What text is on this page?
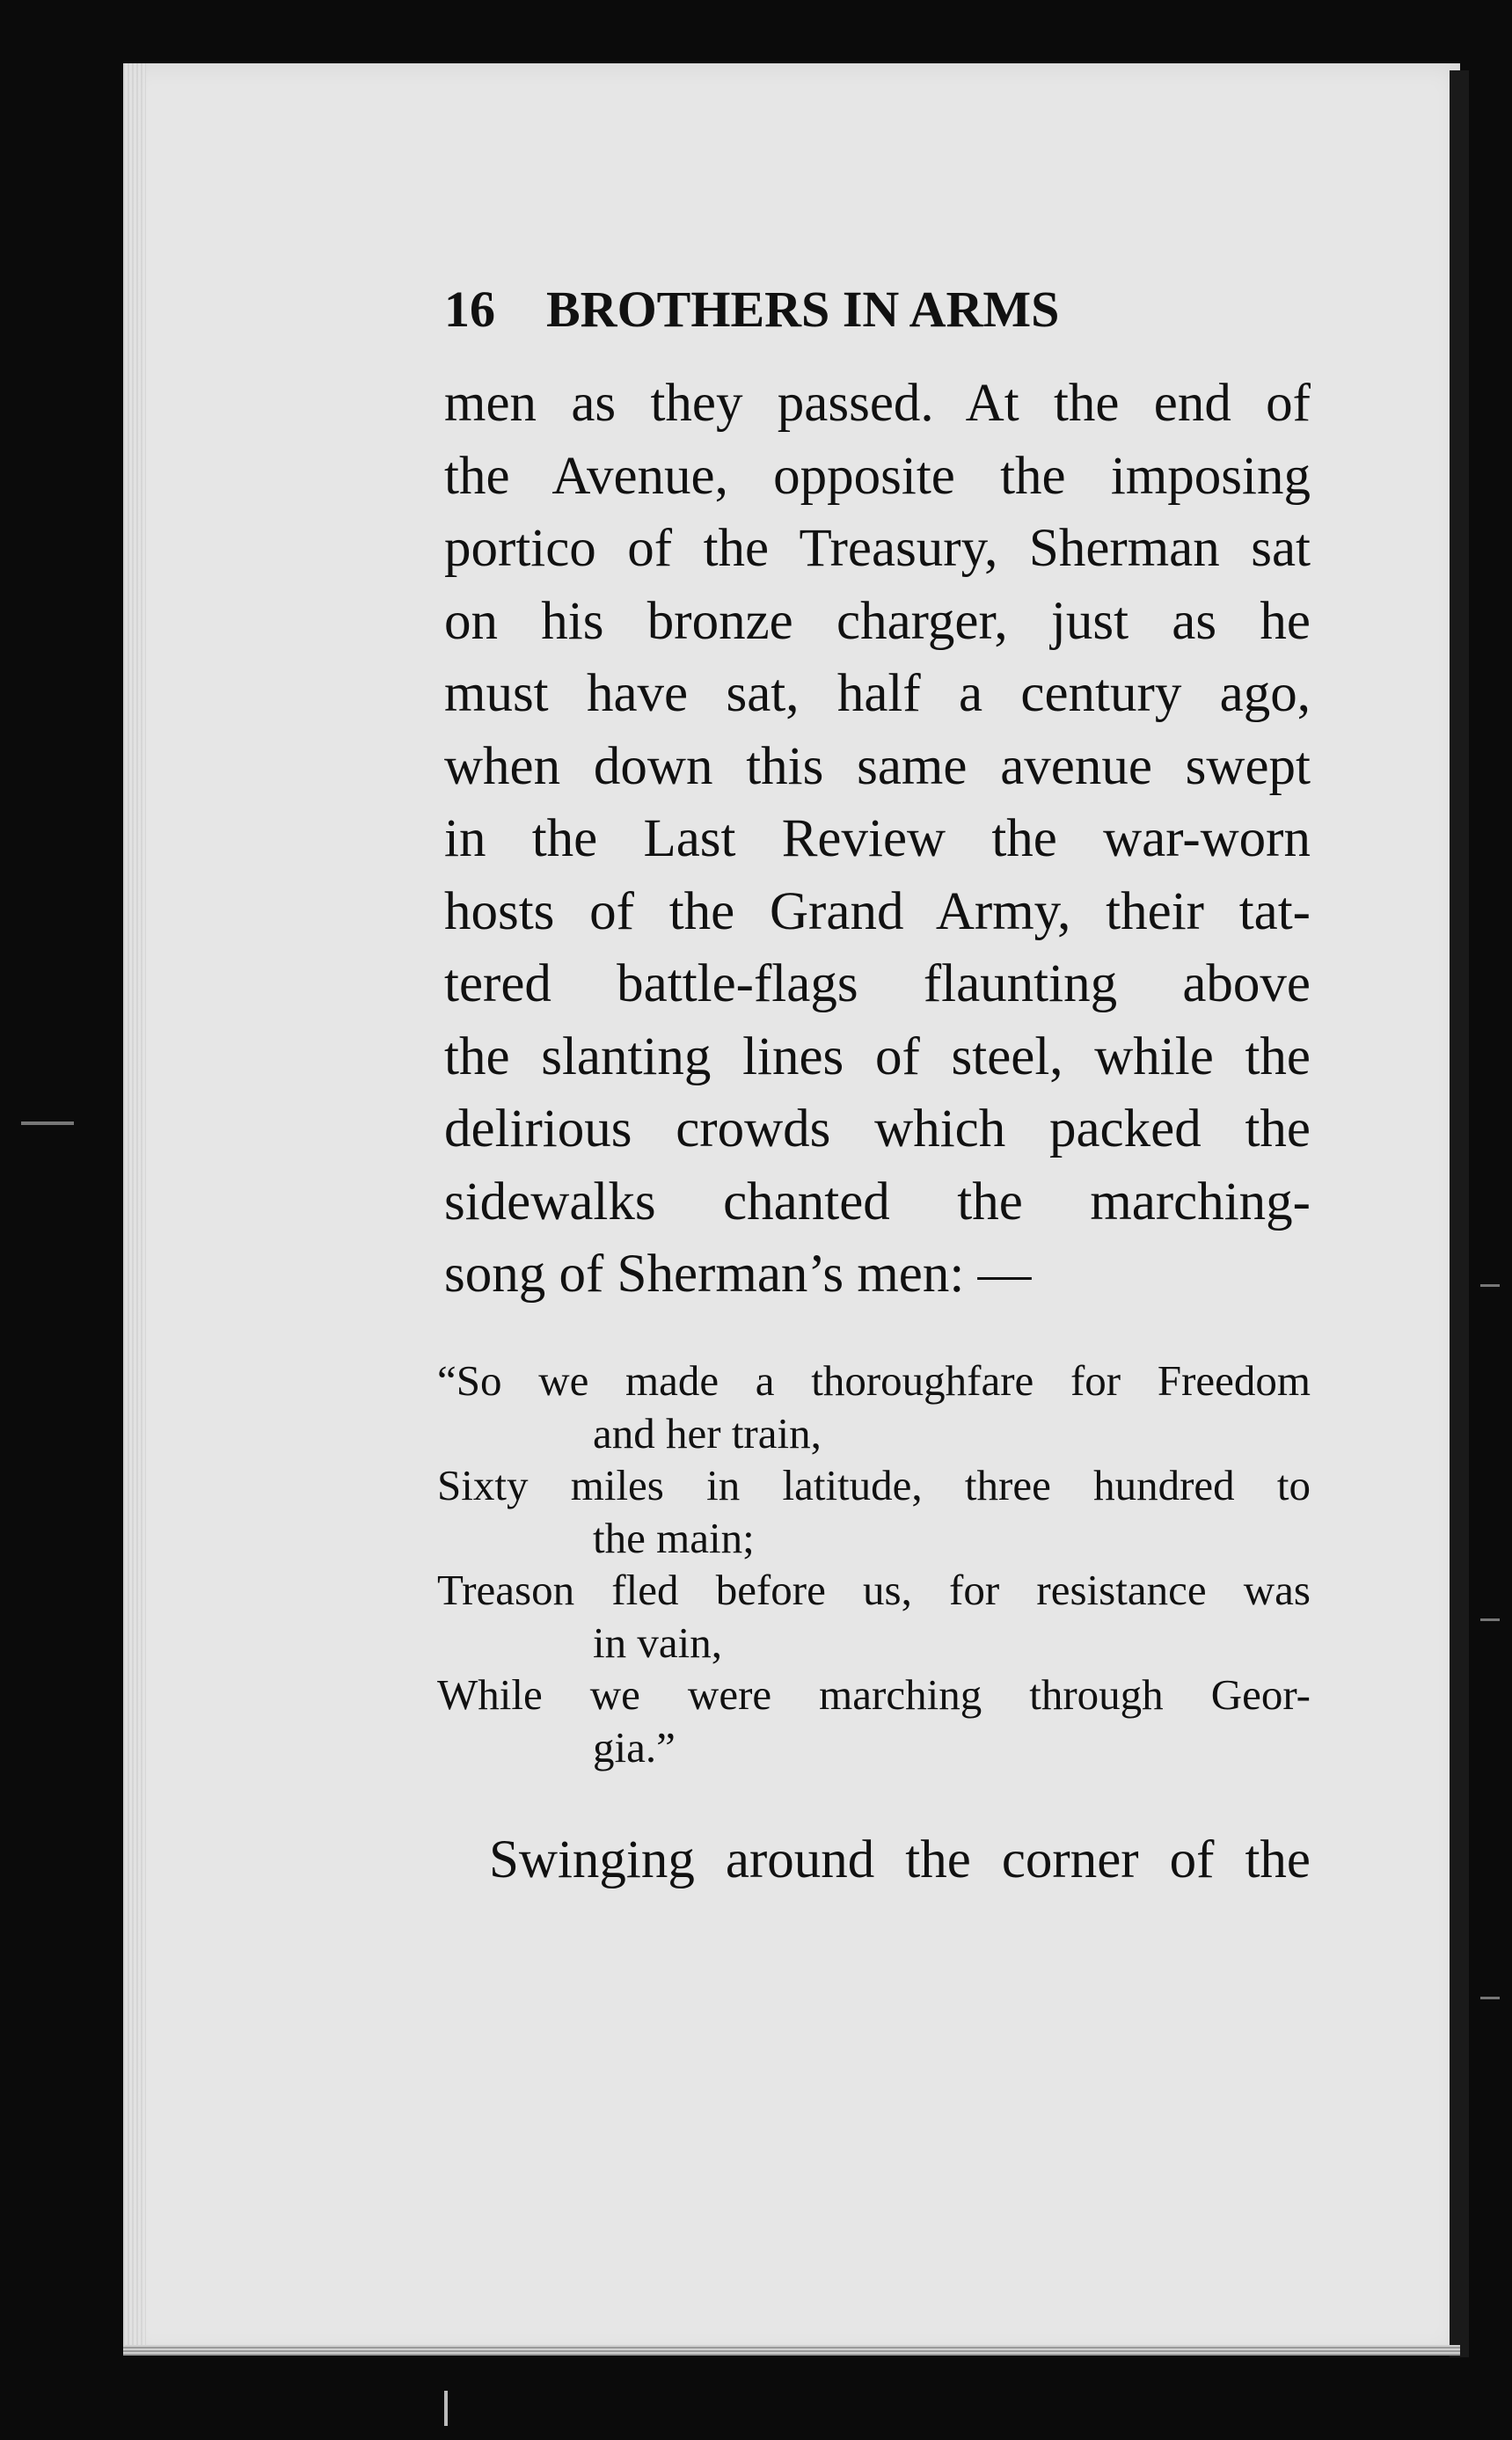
16 BROTHERS IN ARMS
men as they passed. At the end of
the Avenue, opposite the imposing
portico of the Treasury, Sherman sat
on his bronze charger, just as he
must have sat, half a century ago,
when down this same avenue swept
in the Last Review the war-worn
hosts of the Grand Army, their tat-
tered battle-flags flaunting above
the slanting lines of steel, while the
delirious crowds which packed the
sidewalks chanted the marching-
song of Sherman’s men: —
“So we made a thoroughfare for Freedom
and her train,
Sixty miles in latitude, three hundred to
the main;
Treason fled before us, for resistance was
in vain,
While we were marching through Geor-
gia.”
Swinging around the corner of the
